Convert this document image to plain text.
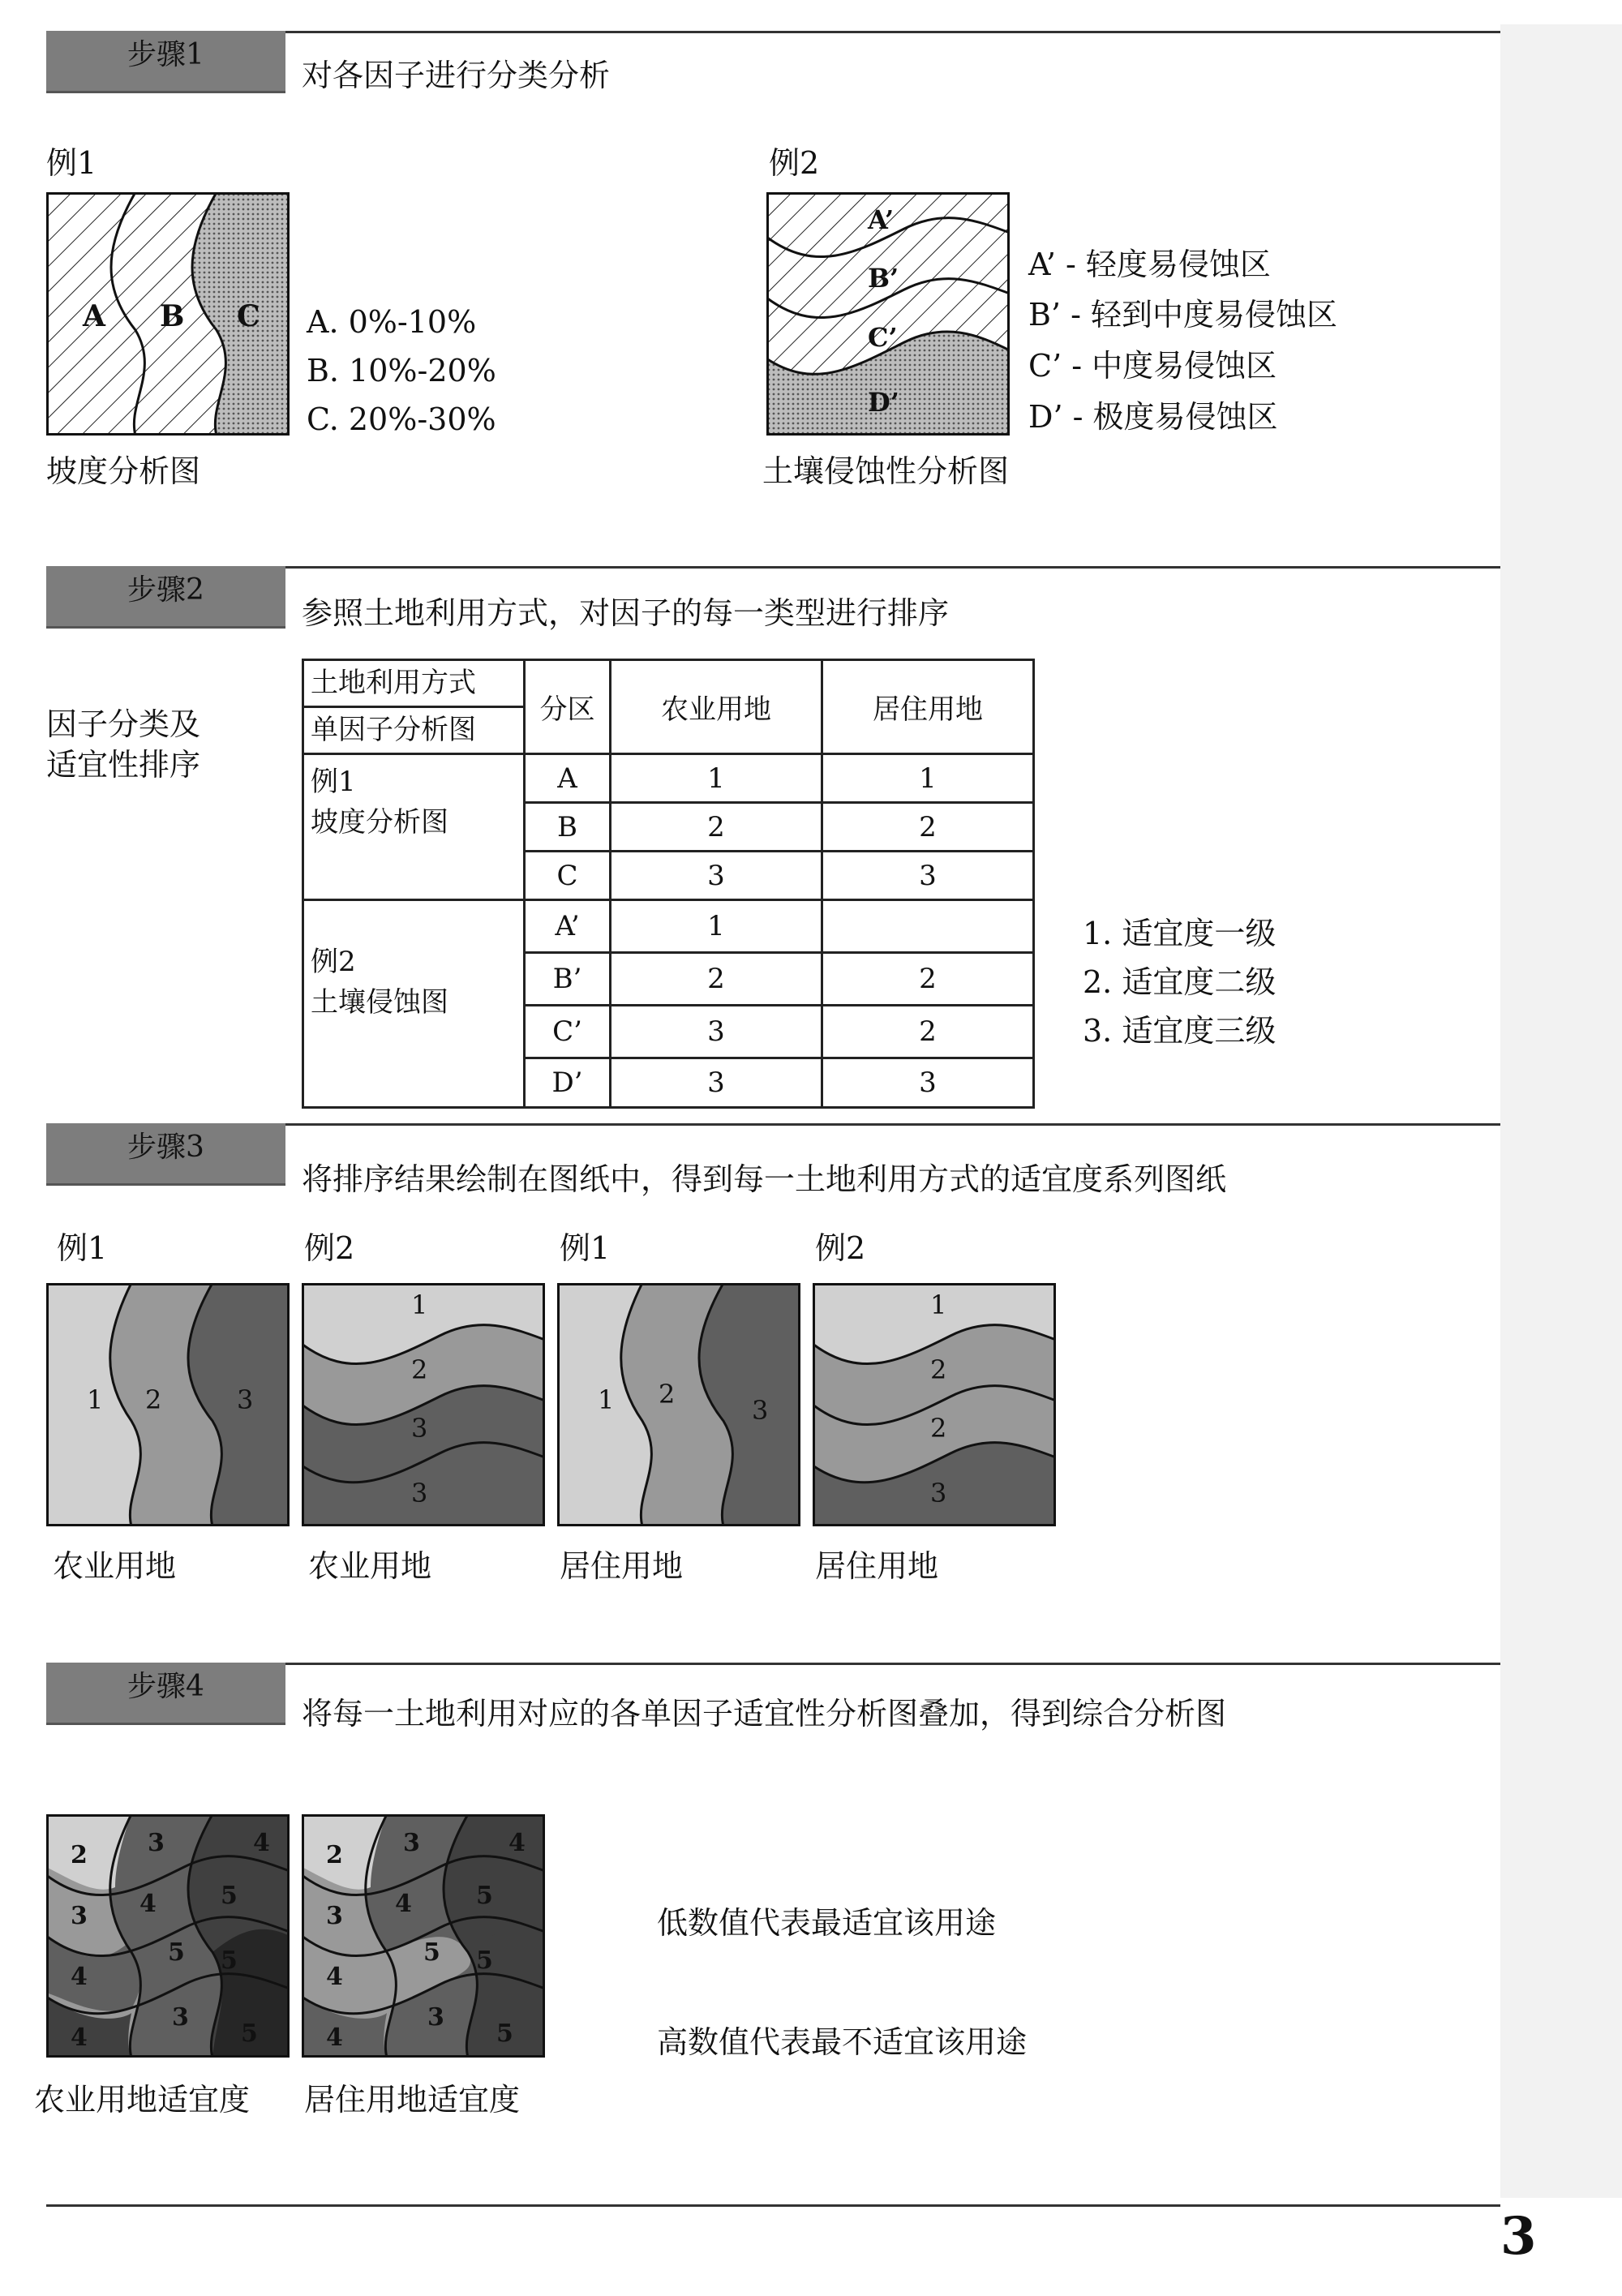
步骤1
对各因子进行分类分析
例1
A B C A. 0%-10%
B. 10%-20%
C. 20%-30%
坡度分析图
例2
A’
B’
C’
D’
A’ - 轻度易侵蚀区
B’ - 轻到中度易侵蚀区
C’ - 中度易侵蚀区
D’ - 极度易侵蚀区
土壤侵蚀性分析图
步骤2
参照土地利用方式，对因子的每一类型进行排序
因子分类及
适宜性排序
土地利用方式	分区	农业用地	居住用地
单因子分析图			

例1
坡度分析图	A	1	1
	B	2	2
	C	3	3

例2
土壤侵蚀图	A’	1	
	B’	2	2
	C’	3	2
	D’	3	3
1. 适宜度一级
2. 适宜度二级
3. 适宜度三级
步骤3
将排序结果绘制在图纸中，得到每一土地利用方式的适宜度系列图纸
例1
1 2	3
农业用地
例2
1
2
3
3
农业用地
例1
1 2
3
居住用地
例2
1
2
2
3
居住用地
步骤4
将每一土地利用对应的各单因子适宜性分析图叠加，得到综合分析图
2 3	4
3 4	5
5
4
5
4
3
5
农业用地适宜度
2 3	4
3 4	5
5
4
5
4
3
5
居住用地适宜度
低数值代表最适宜该用途
高数值代表最不适宜该用途
3
